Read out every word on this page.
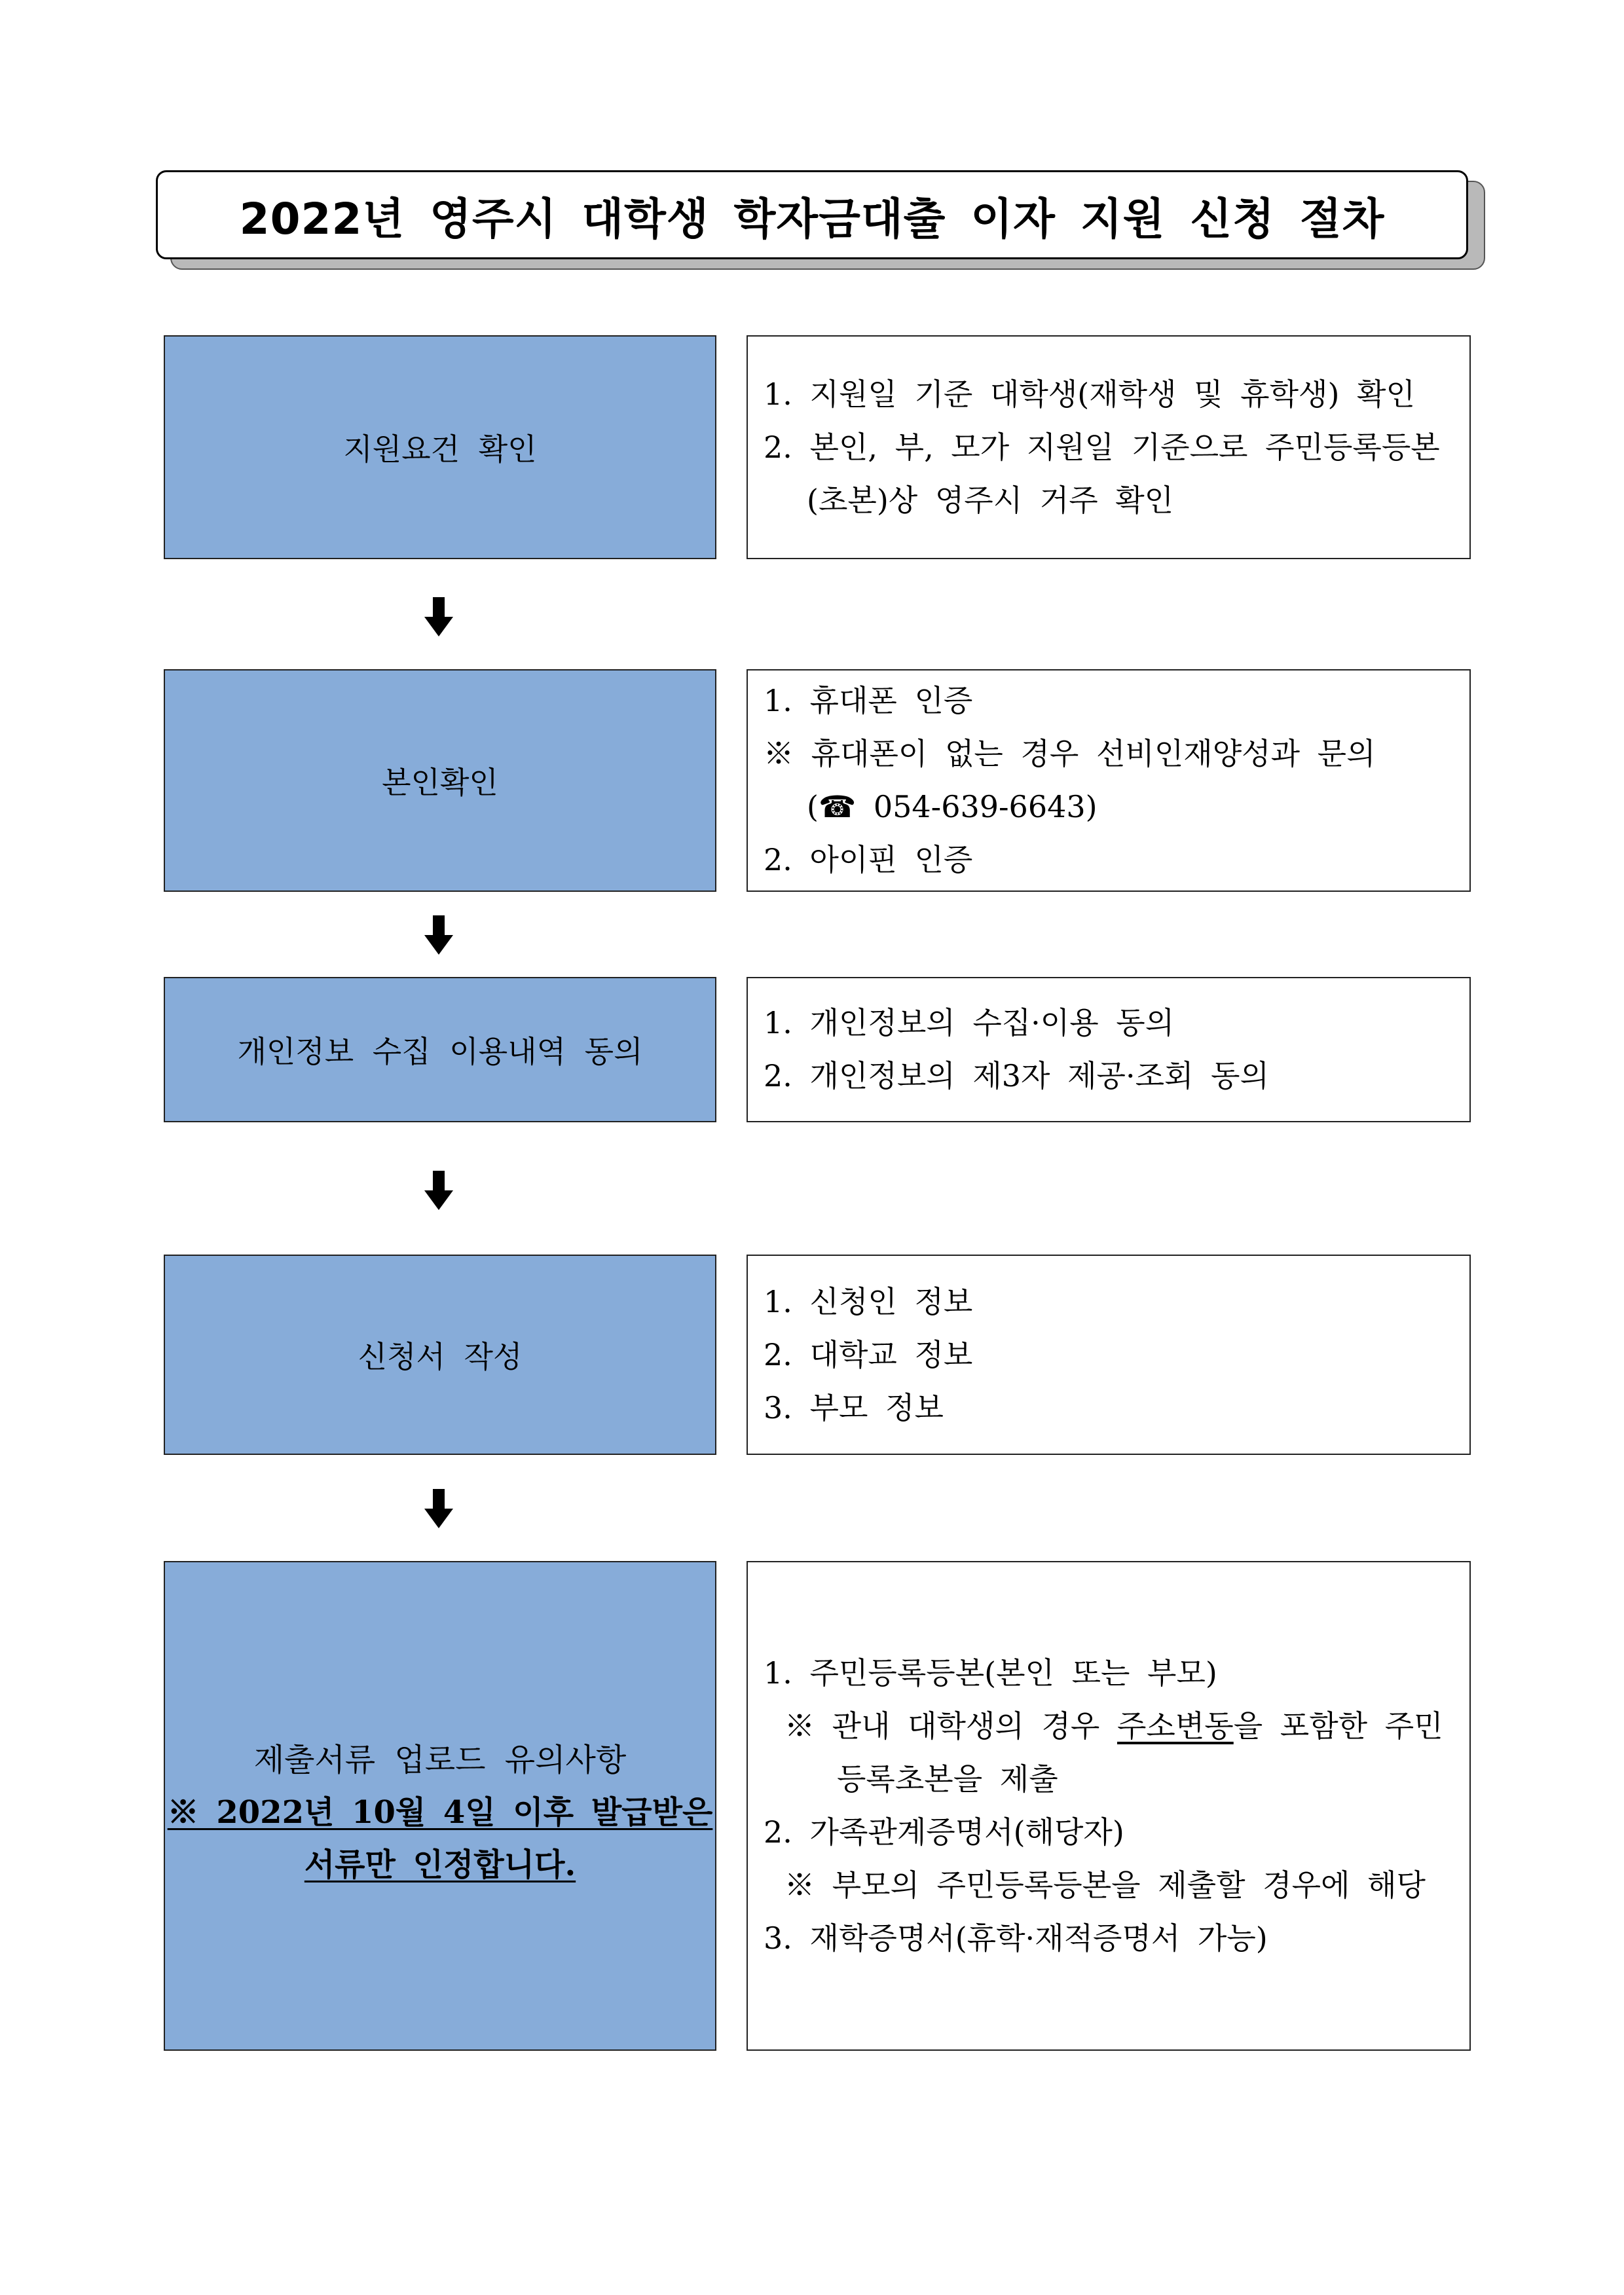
2022년 영주시 대학생 학자금대출 이자 지원 신청 절차
지원요건 확인
1. 지원일 기준 대학생(재학생 및 휴학생) 확인
2. 본인, 부, 모가 지원일 기준으로 주민등록등본
(초본)상 영주시 거주 확인
본인확인
1. 휴대폰 인증
※ 휴대폰이 없는 경우 선비인재양성과 문의
(☎ 054-639-6643)
2. 아이핀 인증
개인정보 수집 이용내역 동의
1. 개인정보의 수집·이용 동의
2. 개인정보의 제3자 제공·조회 동의
신청서 작성
1. 신청인 정보
2. 대학교 정보
3. 부모 정보
제출서류 업로드 유의사항
※ 2022년 10월 4일 이후 발급받은
서류만 인정합니다.
1. 주민등록등본(본인 또는 부모)
※ 관내 대학생의 경우 주소변동을 포함한 주민
등록초본을 제출
2. 가족관계증명서(해당자)
※ 부모의 주민등록등본을 제출할 경우에 해당
3. 재학증명서(휴학·재적증명서 가능)
